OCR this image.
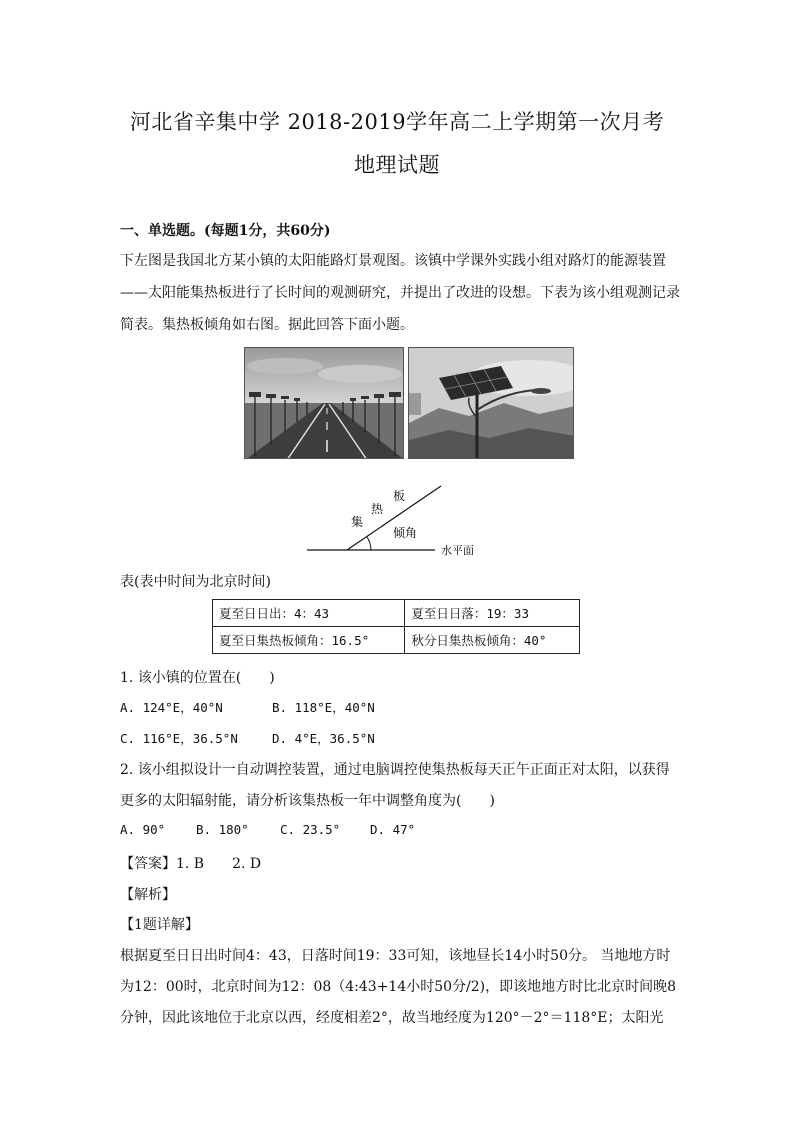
河北省辛集中学 2018-2019学年高二上学期第一次月考
地理试题
一、单选题。(每题1分，共60分)
下左图是我国北方某小镇的太阳能路灯景观图。该镇中学课外实践小组对路灯的能源装置
——太阳能集热板进行了长时间的观测研究，并提出了改进的设想。下表为该小组观测记录
简表。集热板倾角如右图。据此回答下面小题。
集
热
板
倾角
水平面
表(表中时间为北京时间)
夏至日日出：4：43	夏至日日落：19：33
夏至日集热板倾角：16.5°	秋分日集热板倾角：40°
1. 该小镇的位置在(　　)
A. 124°E，40°N	B. 118°E，40°N
C. 116°E，36.5°N	D. 4°E，36.5°N
2. 该小组拟设计一自动调控装置，通过电脑调控使集热板每天正午正面正对太阳，以获得
更多的太阳辐射能，请分析该集热板一年中调整角度为(　　)
A. 90° B. 180°	C. 23.5° D. 47°
【答案】1. B　　2. D
【解析】
【1题详解】
根据夏至日日出时间4：43，日落时间19：33可知，该地昼长14小时50分。 当地地方时
为12：00时，北京时间为12：08（4:43+14小时50分/2)，即该地地方时比北京时间晚8
分钟，因此该地位于北京以西，经度相差2°，故当地经度为120°－2°＝118°E；太阳光
